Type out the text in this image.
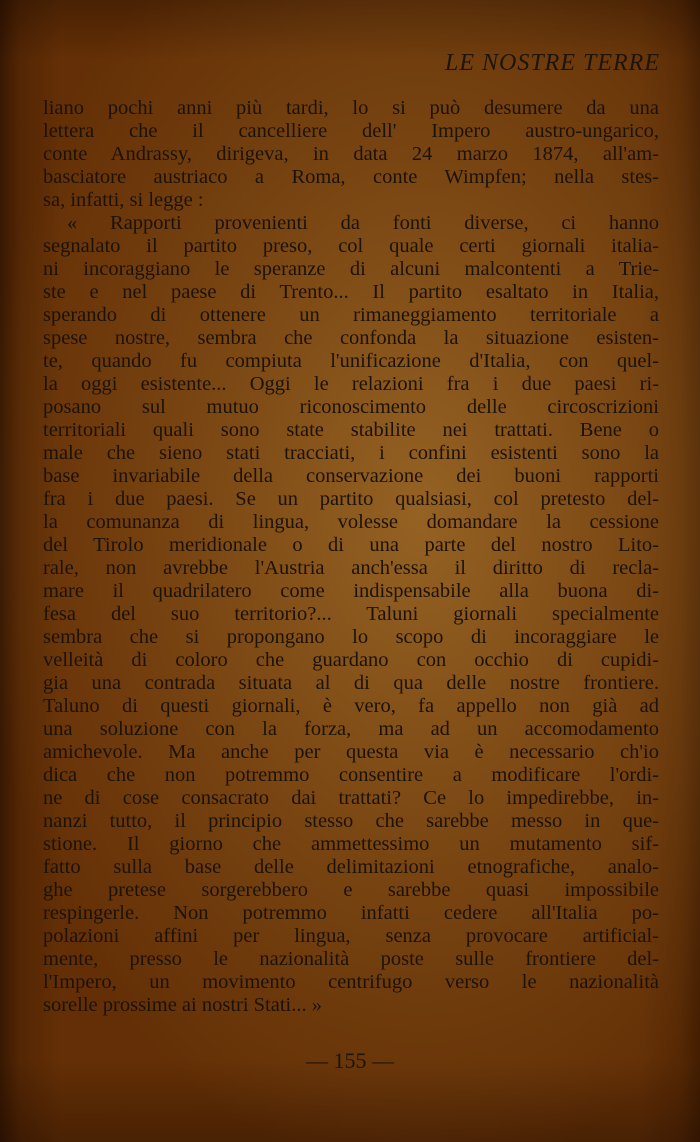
LE NOSTRE TERRE
liano pochi anni più tardi, lo si può desumere da una
lettera che il cancelliere dell' Impero austro-ungarico,
conte Andrassy, dirigeva, in data 24 marzo 1874, all'am-
basciatore austriaco a Roma, conte Wimpfen; nella stes-
sa, infatti, si legge :
« Rapporti provenienti da fonti diverse, ci hanno
segnalato il partito preso, col quale certi giornali italia-
ni incoraggiano le speranze di alcuni malcontenti a Trie-
ste e nel paese di Trento... Il partito esaltato in Italia,
sperando di ottenere un rimaneggiamento territoriale a
spese nostre, sembra che confonda la situazione esisten-
te, quando fu compiuta l'unificazione d'Italia, con quel-
la oggi esistente... Oggi le relazioni fra i due paesi ri-
posano sul mutuo riconoscimento delle circoscrizioni
territoriali quali sono state stabilite nei trattati. Bene o
male che sieno stati tracciati, i confini esistenti sono la
base invariabile della conservazione dei buoni rapporti
fra i due paesi. Se un partito qualsiasi, col pretesto del-
la comunanza di lingua, volesse domandare la cessione
del Tirolo meridionale o di una parte del nostro Lito-
rale, non avrebbe l'Austria anch'essa il diritto di recla-
mare il quadrilatero come indispensabile alla buona di-
fesa del suo territorio?... Taluni giornali specialmente
sembra che si propongano lo scopo di incoraggiare le
velleità di coloro che guardano con occhio di cupidi-
gia una contrada situata al di qua delle nostre frontiere.
Taluno di questi giornali, è vero, fa appello non già ad
una soluzione con la forza, ma ad un accomodamento
amichevole. Ma anche per questa via è necessario ch'io
dica che non potremmo consentire a modificare l'ordi-
ne di cose consacrato dai trattati? Ce lo impedirebbe, in-
nanzi tutto, il principio stesso che sarebbe messo in que-
stione. Il giorno che ammettessimo un mutamento sif-
fatto sulla base delle delimitazioni etnografiche, analo-
ghe pretese sorgerebbero e sarebbe quasi impossibile
respingerle. Non potremmo infatti cedere all'Italia po-
polazioni affini per lingua, senza provocare artificial-
mente, presso le nazionalità poste sulle frontiere del-
l'Impero, un movimento centrifugo verso le nazionalità
sorelle prossime ai nostri Stati... »
— 155 —
